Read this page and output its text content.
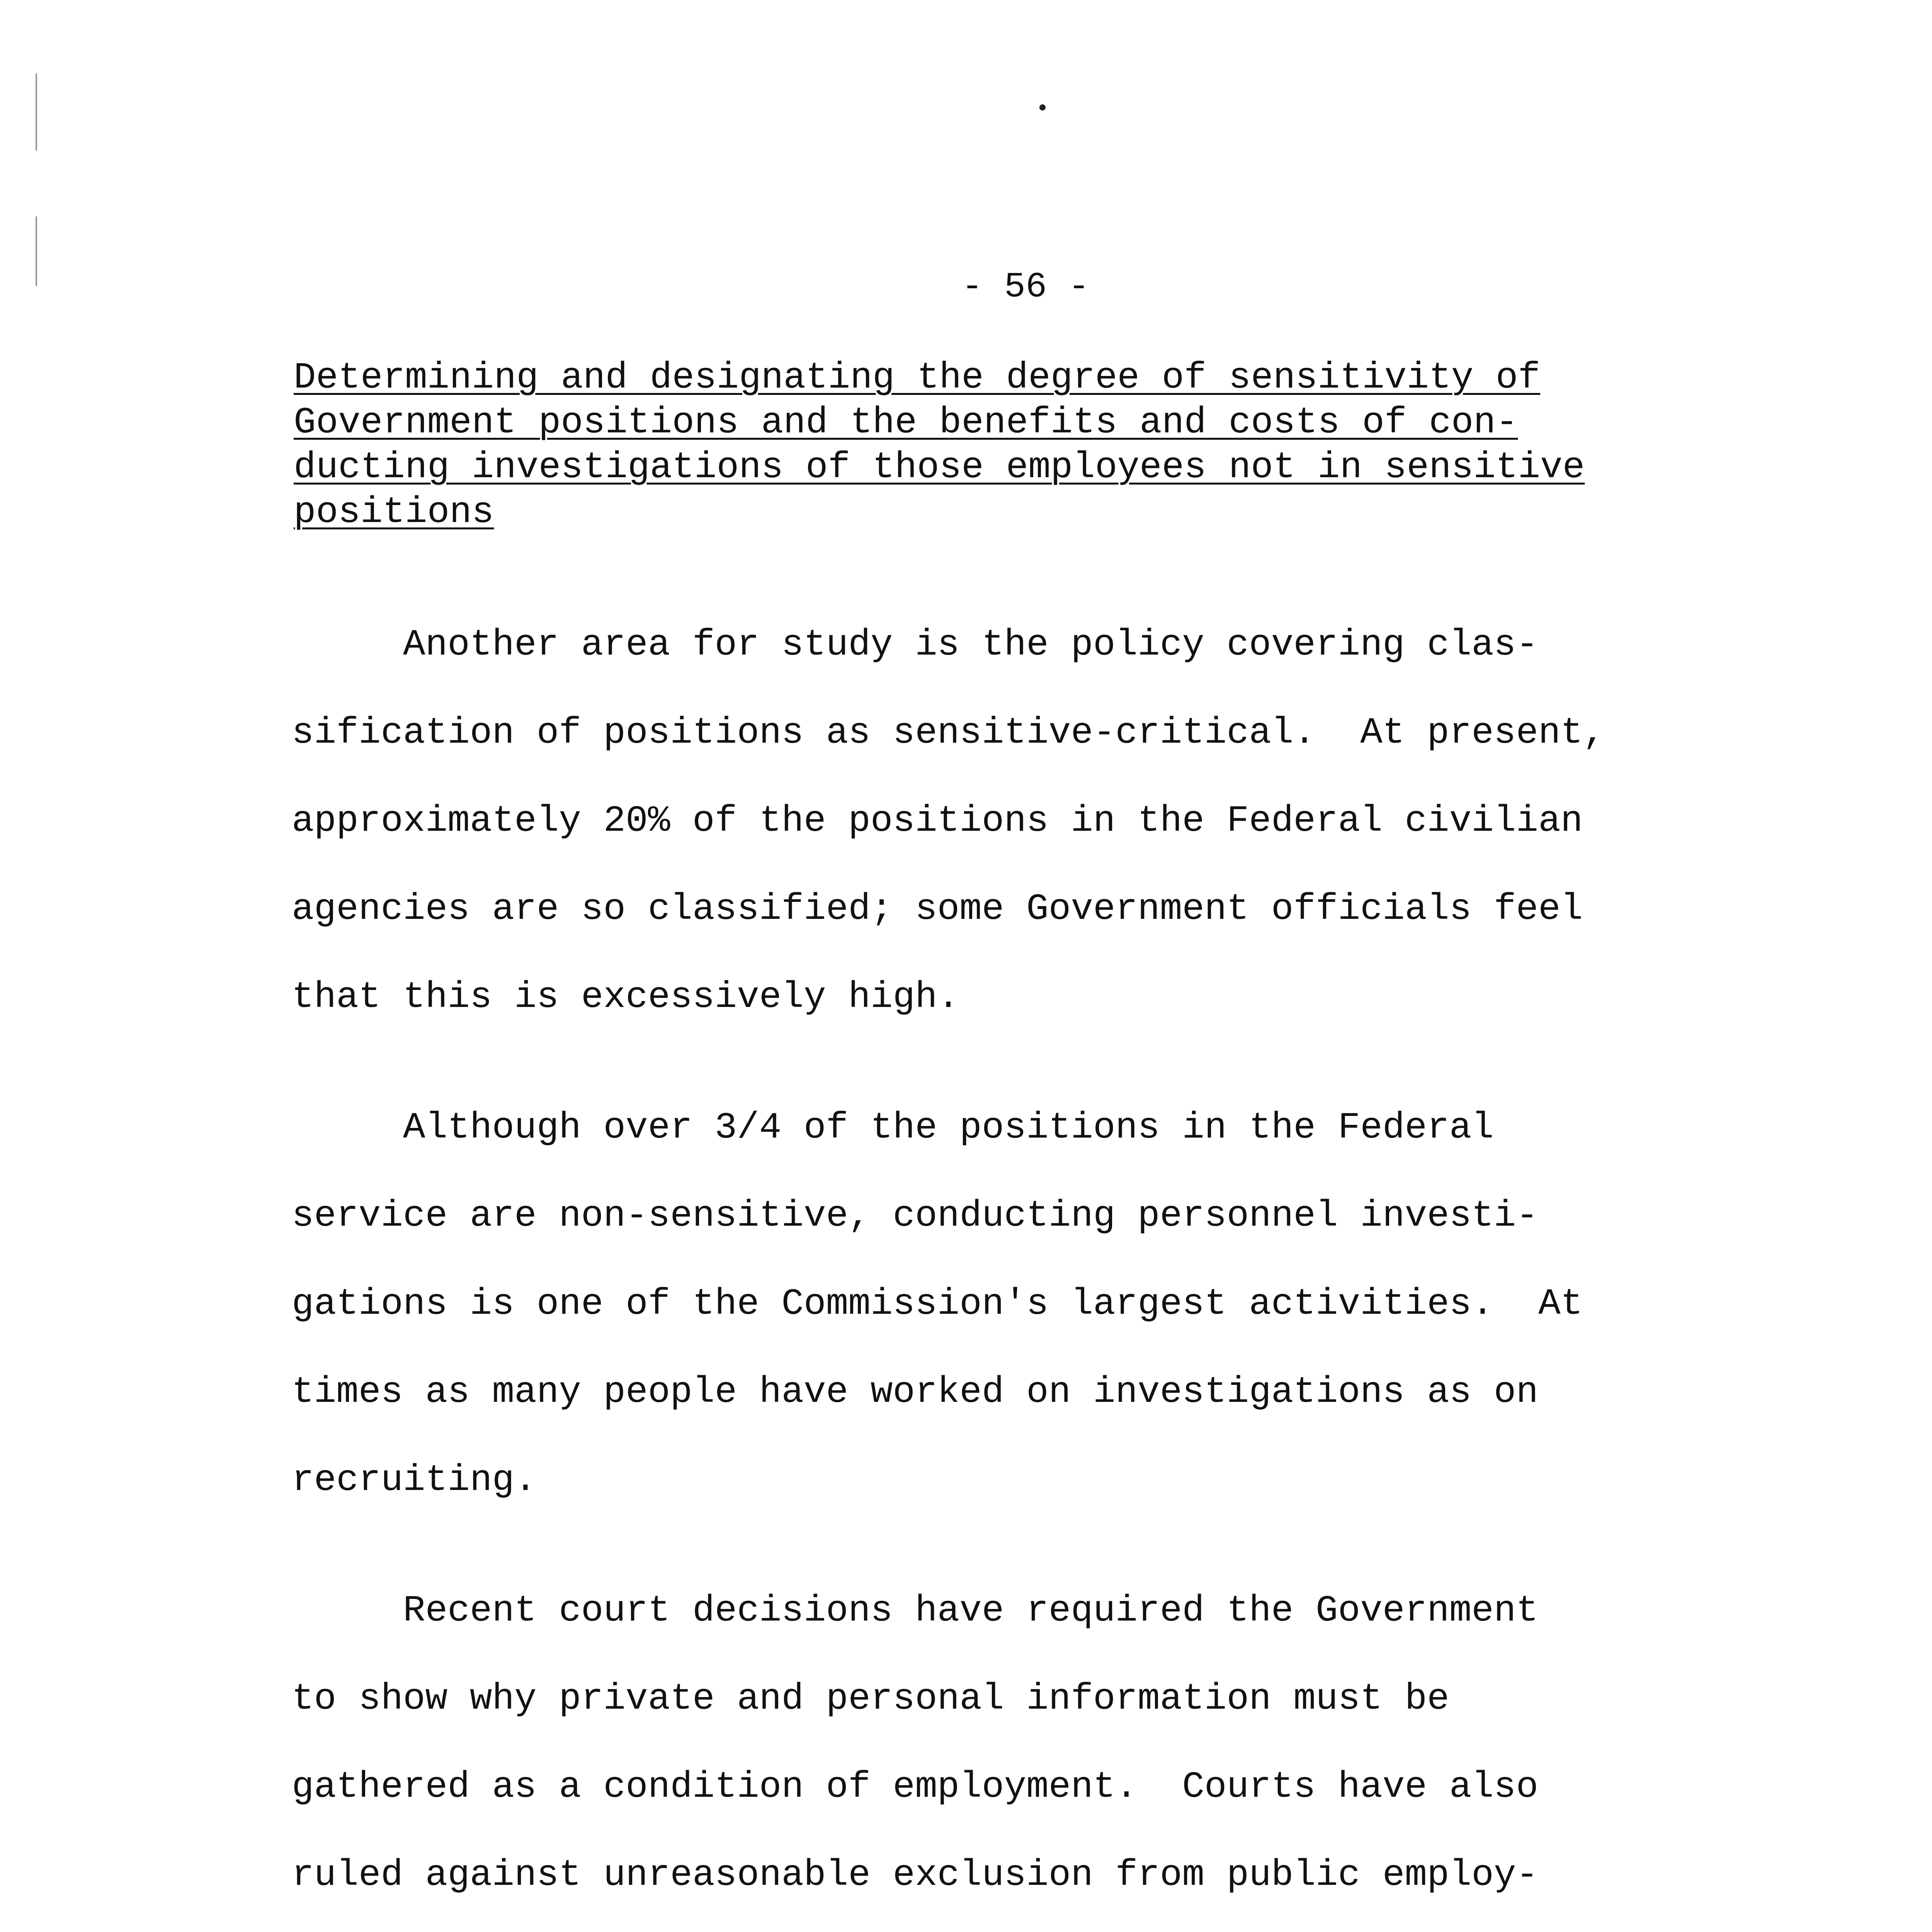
- 56 -
Determining and designating the degree of sensitivity of
Government positions and the benefits and costs of con-
ducting investigations of those employees not in sensitive
positions
Another area for study is the policy covering clas-
sification of positions as sensitive-critical.  At present,
approximately 20% of the positions in the Federal civilian
agencies are so classified; some Government officials feel
that this is excessively high.
Although over 3/4 of the positions in the Federal
service are non-sensitive, conducting personnel investi-
gations is one of the Commission's largest activities.  At
times as many people have worked on investigations as on
recruiting.
Recent court decisions have required the Government
to show why private and personal information must be
gathered as a condition of employment.  Courts have also
ruled against unreasonable exclusion from public employ-
